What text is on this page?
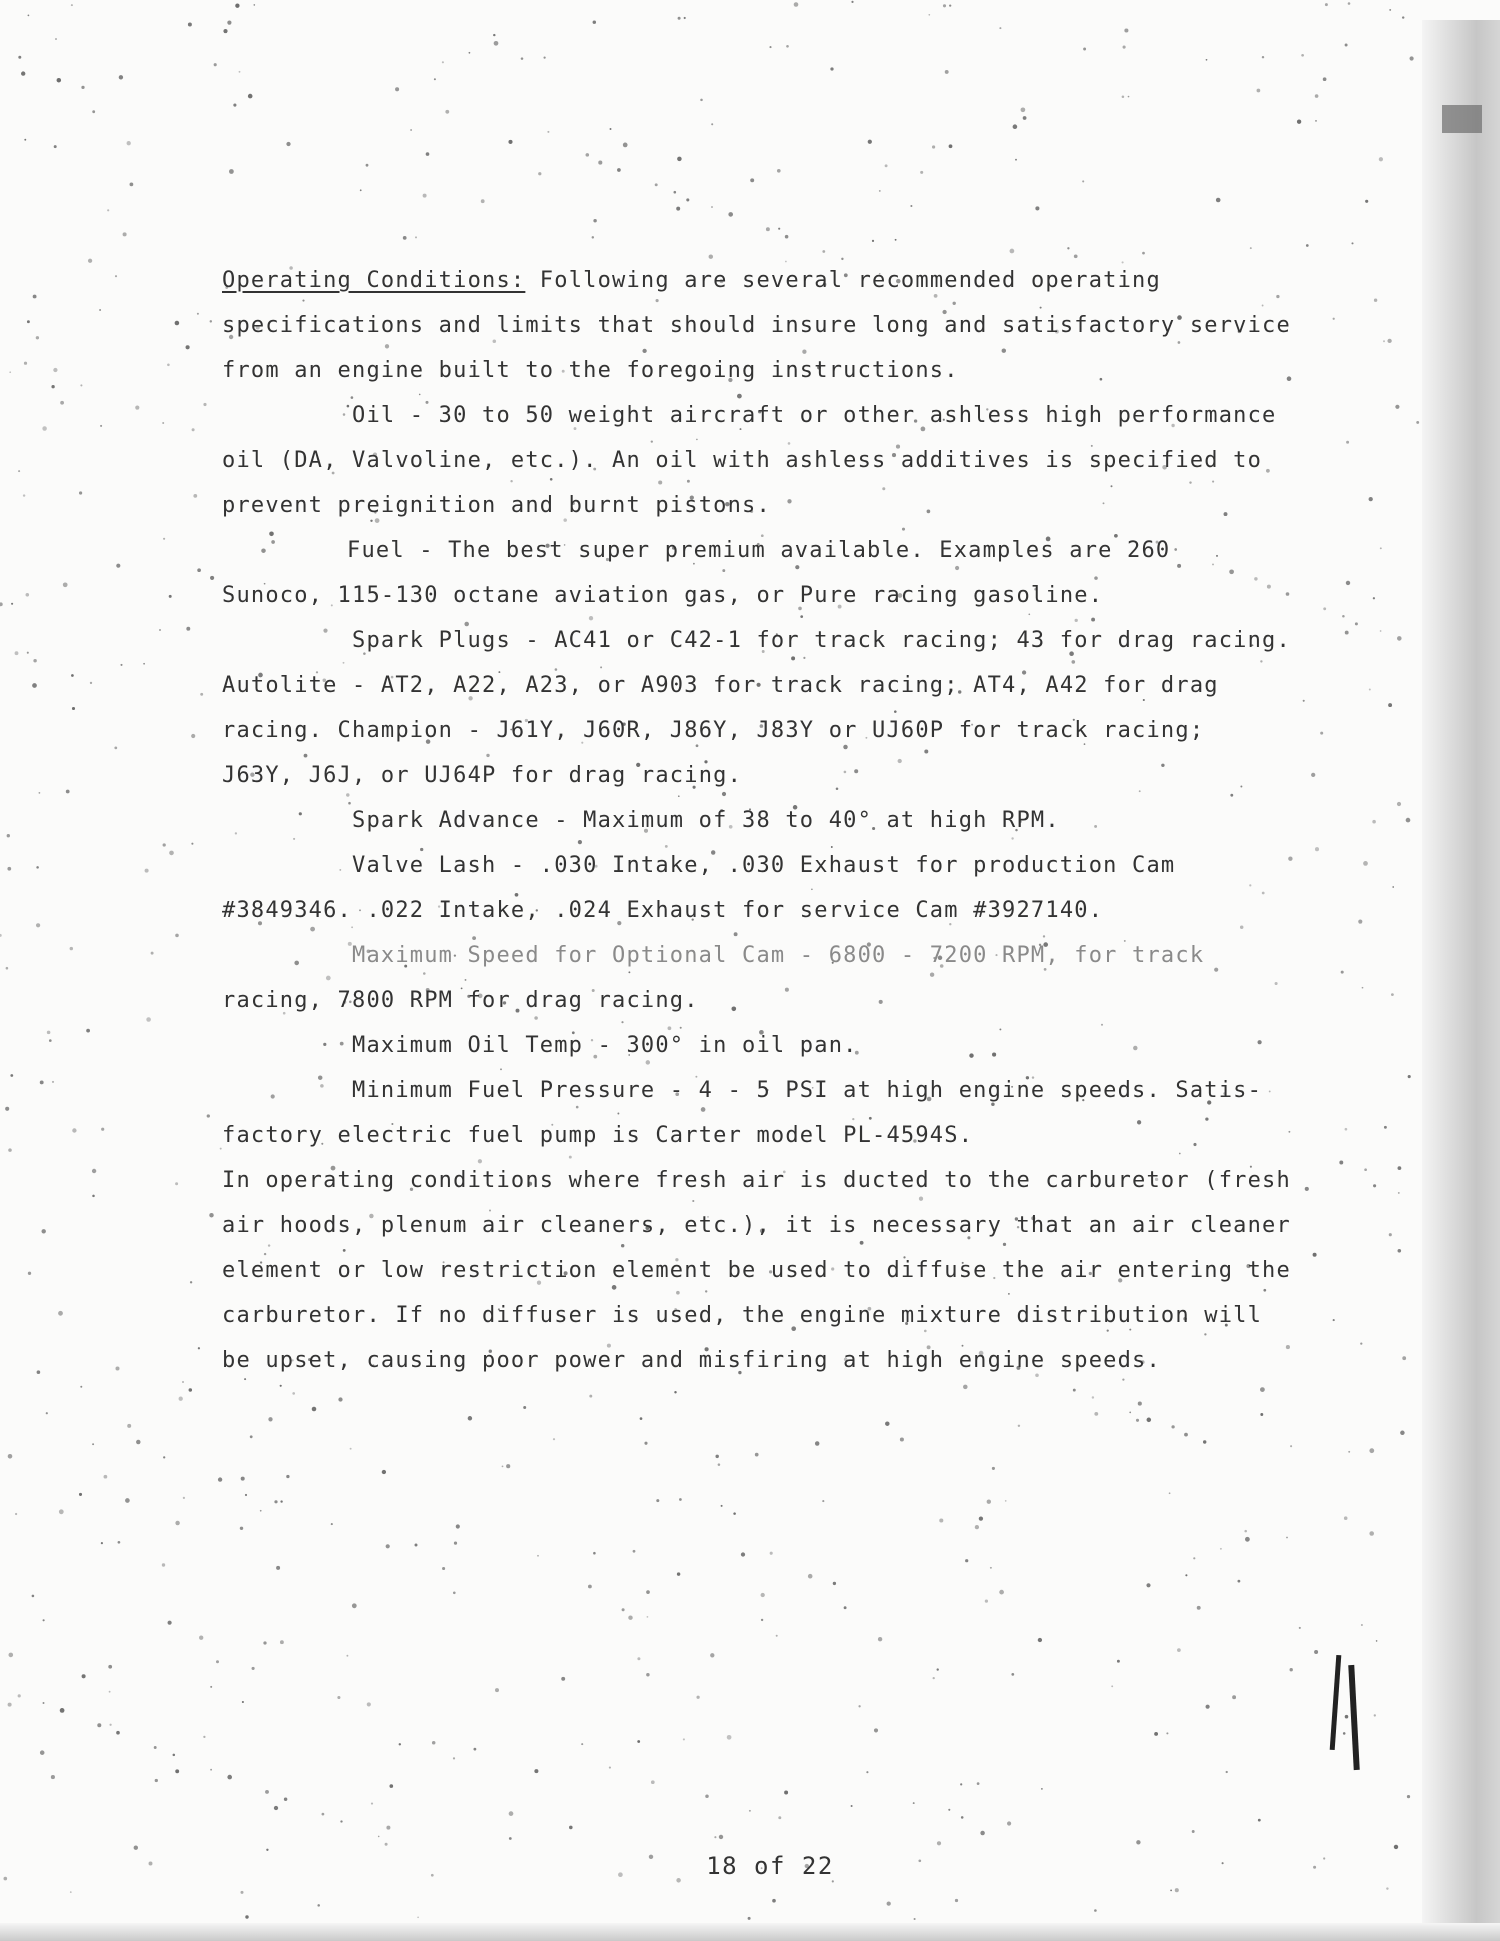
Operating Conditions: Following are several recommended operating
specifications and limits that should insure long and satisfactory service
from an engine built to the foregoing instructions.
Oil - 30 to 50 weight aircraft or other ashless high performance
oil (DA, Valvoline, etc.). An oil with ashless additives is specified to
prevent preignition and burnt pistons.
Fuel - The best super premium available. Examples are 260
Sunoco, 115-130 octane aviation gas, or Pure racing gasoline.
Spark Plugs - AC41 or C42-1 for track racing; 43 for drag racing.
Autolite - AT2, A22, A23, or A903 for track racing; AT4, A42 for drag
racing. Champion - J61Y, J60R, J86Y, J83Y or UJ60P for track racing;
J63Y, J6J, or UJ64P for drag racing.
Spark Advance - Maximum of 38 to 40° at high RPM.
Valve Lash - .030 Intake, .030 Exhaust for production Cam
#3849346. .022 Intake, .024 Exhaust for service Cam #3927140.
Maximum Speed for Optional Cam - 6800 - 7200 RPM, for track
racing, 7800 RPM for drag racing.
Maximum Oil Temp - 300° in oil pan.
Minimum Fuel Pressure - 4 - 5 PSI at high engine speeds. Satis-
factory electric fuel pump is Carter model PL-4594S.
In operating conditions where fresh air is ducted to the carburetor (fresh
air hoods, plenum air cleaners, etc.), it is necessary that an air cleaner
element or low restriction element be used to diffuse the air entering the
carburetor. If no diffuser is used, the engine mixture distribution will
be upset, causing poor power and misfiring at high engine speeds.
18 of 22
